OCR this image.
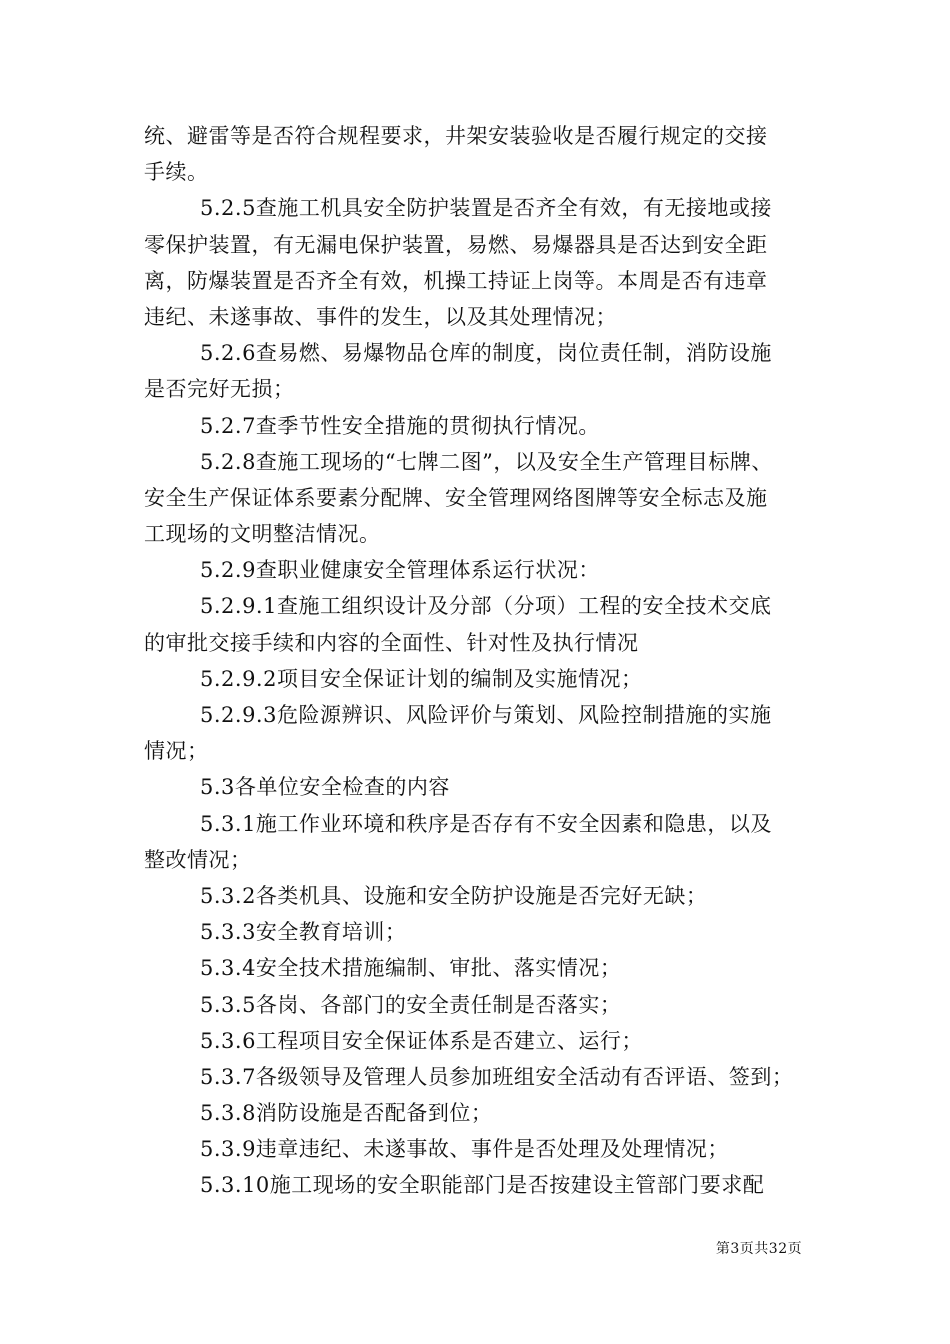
统、避雷等是否符合规程要求，井架安装验收是否履行规定的交接
手续。
5.2.5查施工机具安全防护装置是否齐全有效，有无接地或接
零保护装置，有无漏电保护装置，易燃、易爆器具是否达到安全距
离，防爆装置是否齐全有效，机操工持证上岗等。本周是否有违章
违纪、未遂事故、事件的发生，以及其处理情况；
5.2.6查易燃、易爆物品仓库的制度，岗位责任制，消防设施
是否完好无损；
5.2.7查季节性安全措施的贯彻执行情况。
5.2.8查施工现场的“七牌二图”，以及安全生产管理目标牌、
安全生产保证体系要素分配牌、安全管理网络图牌等安全标志及施
工现场的文明整洁情况。
5.2.9查职业健康安全管理体系运行状况：
5.2.9.1查施工组织设计及分部（分项）工程的安全技术交底
的审批交接手续和内容的全面性、针对性及执行情况
5.2.9.2项目安全保证计划的编制及实施情况；
5.2.9.3危险源辨识、风险评价与策划、风险控制措施的实施
情况；
5.3各单位安全检查的内容
5.3.1施工作业环境和秩序是否存有不安全因素和隐患，以及
整改情况；
5.3.2各类机具、设施和安全防护设施是否完好无缺；
5.3.3安全教育培训；
5.3.4安全技术措施编制、审批、落实情况；
5.3.5各岗、各部门的安全责任制是否落实；
5.3.6工程项目安全保证体系是否建立、运行；
5.3.7各级领导及管理人员参加班组安全活动有否评语、签到；
5.3.8消防设施是否配备到位；
5.3.9违章违纪、未遂事故、事件是否处理及处理情况；
5.3.10施工现场的安全职能部门是否按建设主管部门要求配
第3页共32页
